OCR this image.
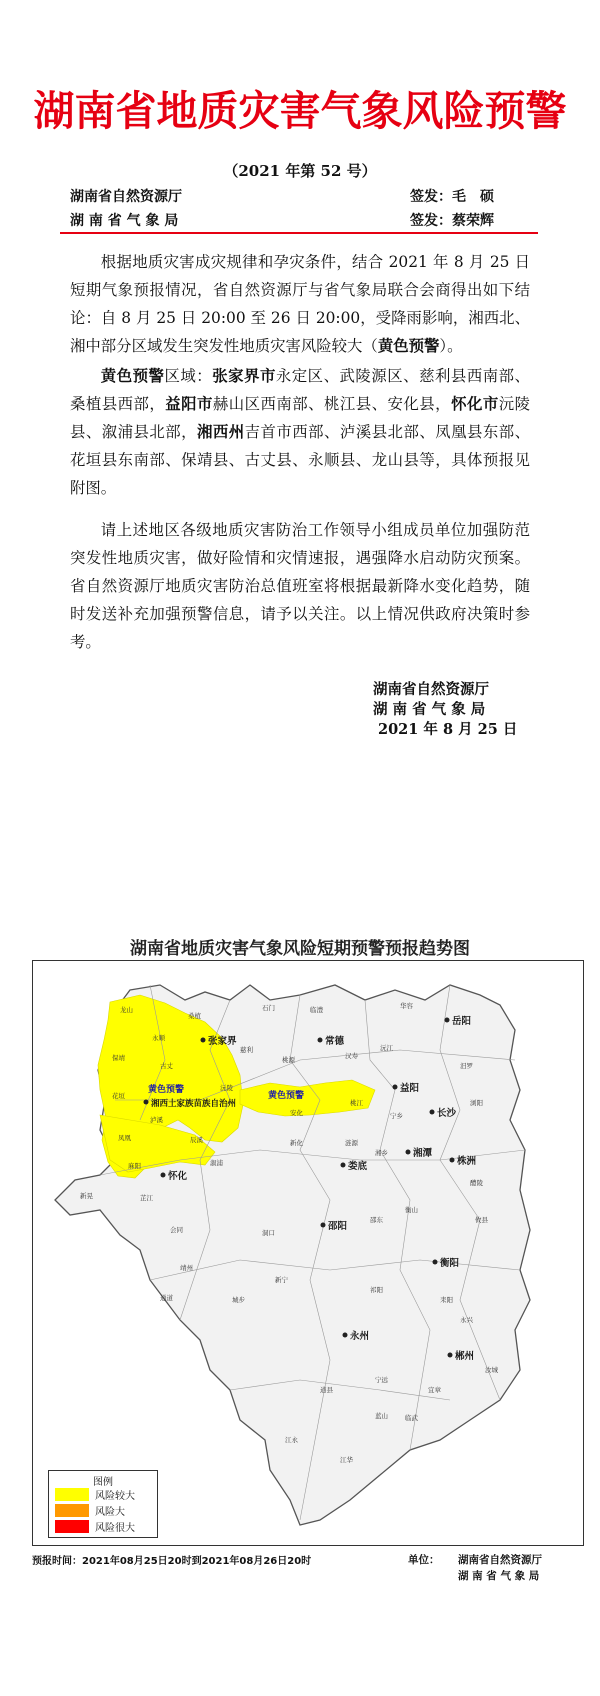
湖南省地质灾害气象风险预警
（2021 年第 52 号）
湖南省自然资源厅
湖 南 省 气 象 局
签发：毛　硕
签发：蔡荣辉

根据地质灾害成灾规律和孕灾条件，结合 2021 年 8 月 25 日短期气象预报情况，省自然资源厅与省气象局联合会商得出如下结论：自 8 月 25 日 20:00 至 26 日 20:00，受降雨影响，湘西北、湘中部分区域发生突发性地质灾害风险较大（黄色预警）。

黄色预警区域：张家界市永定区、武陵源区、慈利县西南部、桑植县西部，益阳市赫山区西南部、桃江县、安化县，怀化市沅陵县、溆浦县北部，湘西州吉首市西部、泸溪县北部、凤凰县东部、花垣县东南部、保靖县、古丈县、永顺县、龙山县等，具体预报见附图。

请上述地区各级地质灾害防治工作领导小组成员单位加强防范突发性地质灾害，做好险情和灾情速报，遇强降水启动防灾预案。省自然资源厅地质灾害防治总值班室将根据最新降水变化趋势，随时发送补充加强预警信息，请予以关注。以上情况供政府决策时参考。

湖南省自然资源厅
湖 南 省 气 象 局
2021 年 8 月 25 日
湖南省地质灾害气象风险短期预警预报趋势图
黄色预警
黄色预警
岳阳
常德
张家界
益阳
长沙
湘潭
株洲
湘西土家族苗族自治州
怀化
娄底
邵阳
衡阳
永州
郴州
龙山
桑植
石门	临澧	华容
汨罗
慈利
桃源	汉寿
沅江
永顺
保靖
古丈
沅陵
安化
桃江
宁乡
浏阳
花垣
泸溪
凤凰
新化	涟源
湘乡
醴陵
溆浦
麻阳
芷江
新晃
辰溪
洞口
邵东
衡山
攸县
会同
靖州
通道	城步
新宁
祁阳
耒阳
永兴
道县
宁远
宜章
江华
江永
蓝山	临武
汝城
图例
风险较大
风险大
风险很大
预报时间：2021年08月25日20时到2021年08月26日20时	单位： 湖南省自然资源厅
湖 南 省 气 象 局
